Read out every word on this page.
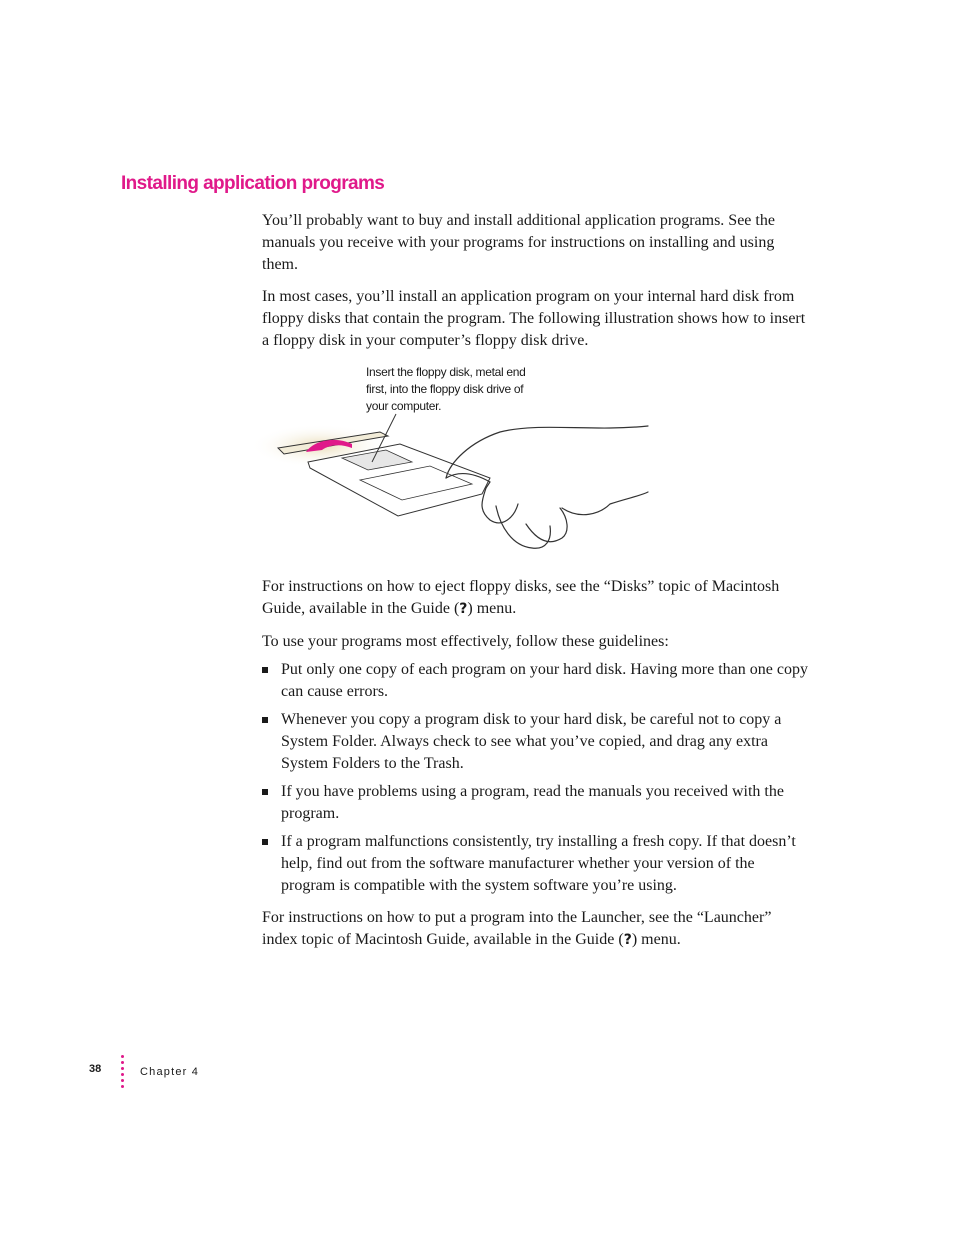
Installing application programs

You’ll probably want to buy and install additional application programs. See the manuals you receive with your programs for instructions on installing and using them.

In most cases, you’ll install an application program on your internal hard disk from floppy disks that contain the program. The following illustration shows how to insert a floppy disk in your computer’s floppy disk drive.

Insert the floppy disk, metal end first, into the floppy disk drive of your computer.

For instructions on how to eject floppy disks, see the “Disks” topic of Macintosh Guide, available in the Guide (?) menu.

To use your programs most effectively, follow these guidelines:

Put only one copy of each program on your hard disk. Having more than one copy can cause errors.
Whenever you copy a program disk to your hard disk, be careful not to copy a System Folder. Always check to see what you’ve copied, and drag any extra System Folders to the Trash.
If you have problems using a program, read the manuals you received with the program.
If a program malfunctions consistently, try installing a fresh copy. If that doesn’t help, find out from the software manufacturer whether your version of the program is compatible with the system software you’re using.

For instructions on how to put a program into the Launcher, see the “Launcher” index topic of Macintosh Guide, available in the Guide (?) menu.

38	Chapter 4
